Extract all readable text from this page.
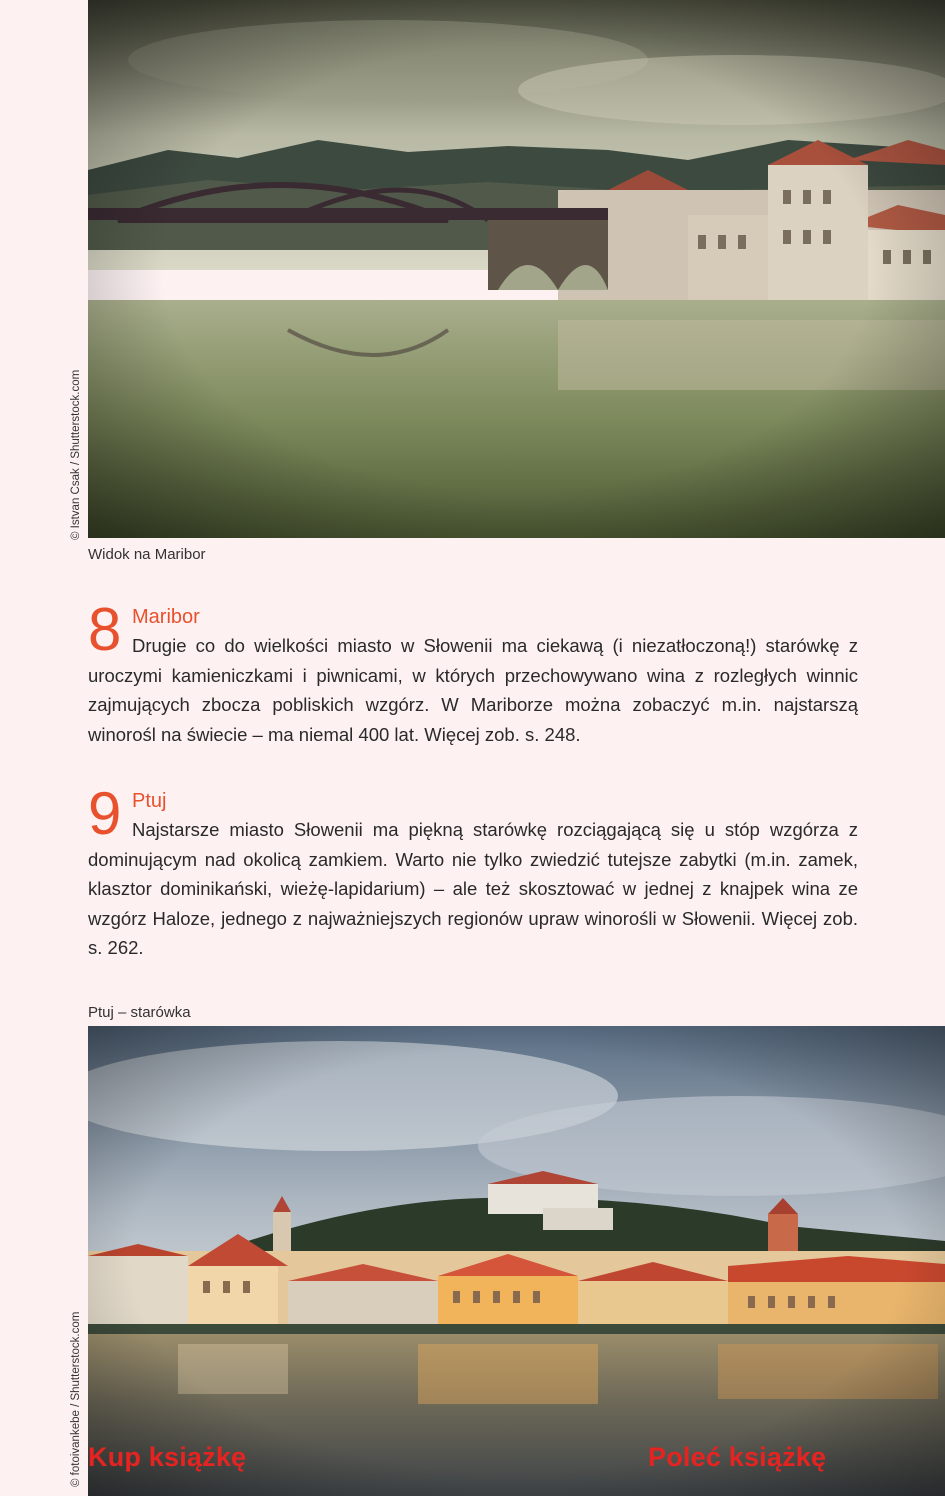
© Istvan Csak / Shutterstock.com
Widok na Maribor
8 Maribor

Drugie co do wielkości miasto w Słowenii ma ciekawą (i niezatłoczoną!) starówkę z uroczymi kamieniczkami i piwnicami, w których przechowywano wina z rozległych winnic zajmujących zbocza pobliskich wzgórz. W Mariborze można zobaczyć m.in. najstarszą winorośl na świecie – ma niemal 400 lat. Więcej zob. s. 248.

9 Ptuj

Najstarsze miasto Słowenii ma piękną starówkę rozciągającą się u stóp wzgórza z dominującym nad okolicą zamkiem. Warto nie tylko zwiedzić tutejsze zabytki (m.in. zamek, klasztor dominikański, wieżę-lapidarium) – ale też skosztować w jednej z knajpek wina ze wzgórz Haloze, jednego z najważniejszych regionów upraw winorośli w Słowenii. Więcej zob. s. 262.

Ptuj – starówka
© fotoivankebe / Shutterstock.com Kup książkę	Poleć książkę
